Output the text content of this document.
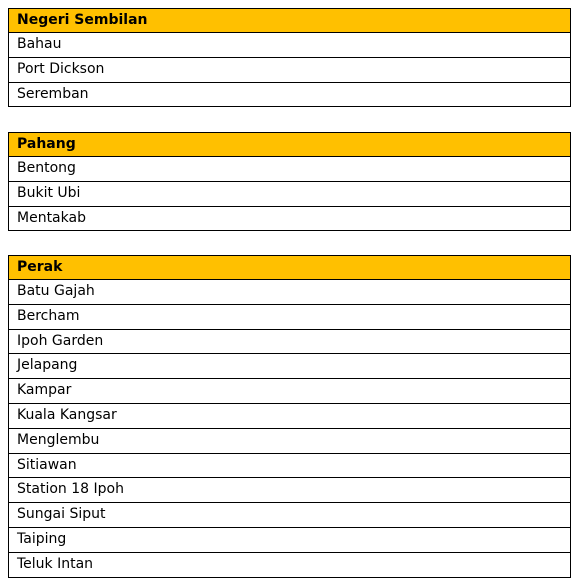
Negeri Sembilan
Bahau
Port Dickson
Seremban
Pahang
Bentong
Bukit Ubi
Mentakab
Perak
Batu Gajah
Bercham
Ipoh Garden
Jelapang
Kampar
Kuala Kangsar
Menglembu
Sitiawan
Station 18 Ipoh
Sungai Siput
Taiping
Teluk Intan
